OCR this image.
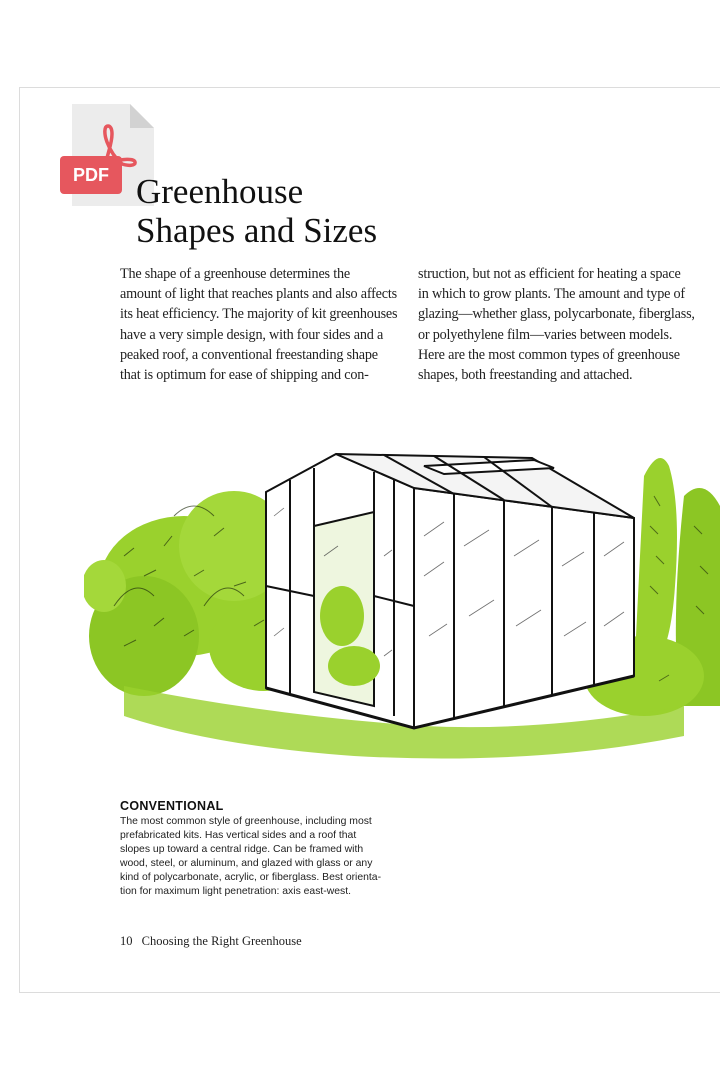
PDF Greenhouse
Shapes and Sizes

The shape of a greenhouse determines the
amount of light that reaches plants and also affects
its heat efficiency. The majority of kit greenhouses
have a very simple design, with four sides and a
peaked roof, a conventional freestanding shape
that is optimum for ease of shipping and con-

struction, but not as efficient for heating a space
in which to grow plants. The amount and type of
glazing—whether glass, polycarbonate, fiberglass,
or polyethylene film—varies between models.
Here are the most common types of greenhouse
shapes, both freestanding and attached.

CONVENTIONAL

The most common style of greenhouse, including most
prefabricated kits. Has vertical sides and a roof that
slopes up toward a central ridge. Can be framed with
wood, steel, or aluminum, and glazed with glass or any
kind of polycarbonate, acrylic, or fiberglass. Best orienta-
tion for maximum light penetration: axis east-west.

10 Choosing the Right Greenhouse
